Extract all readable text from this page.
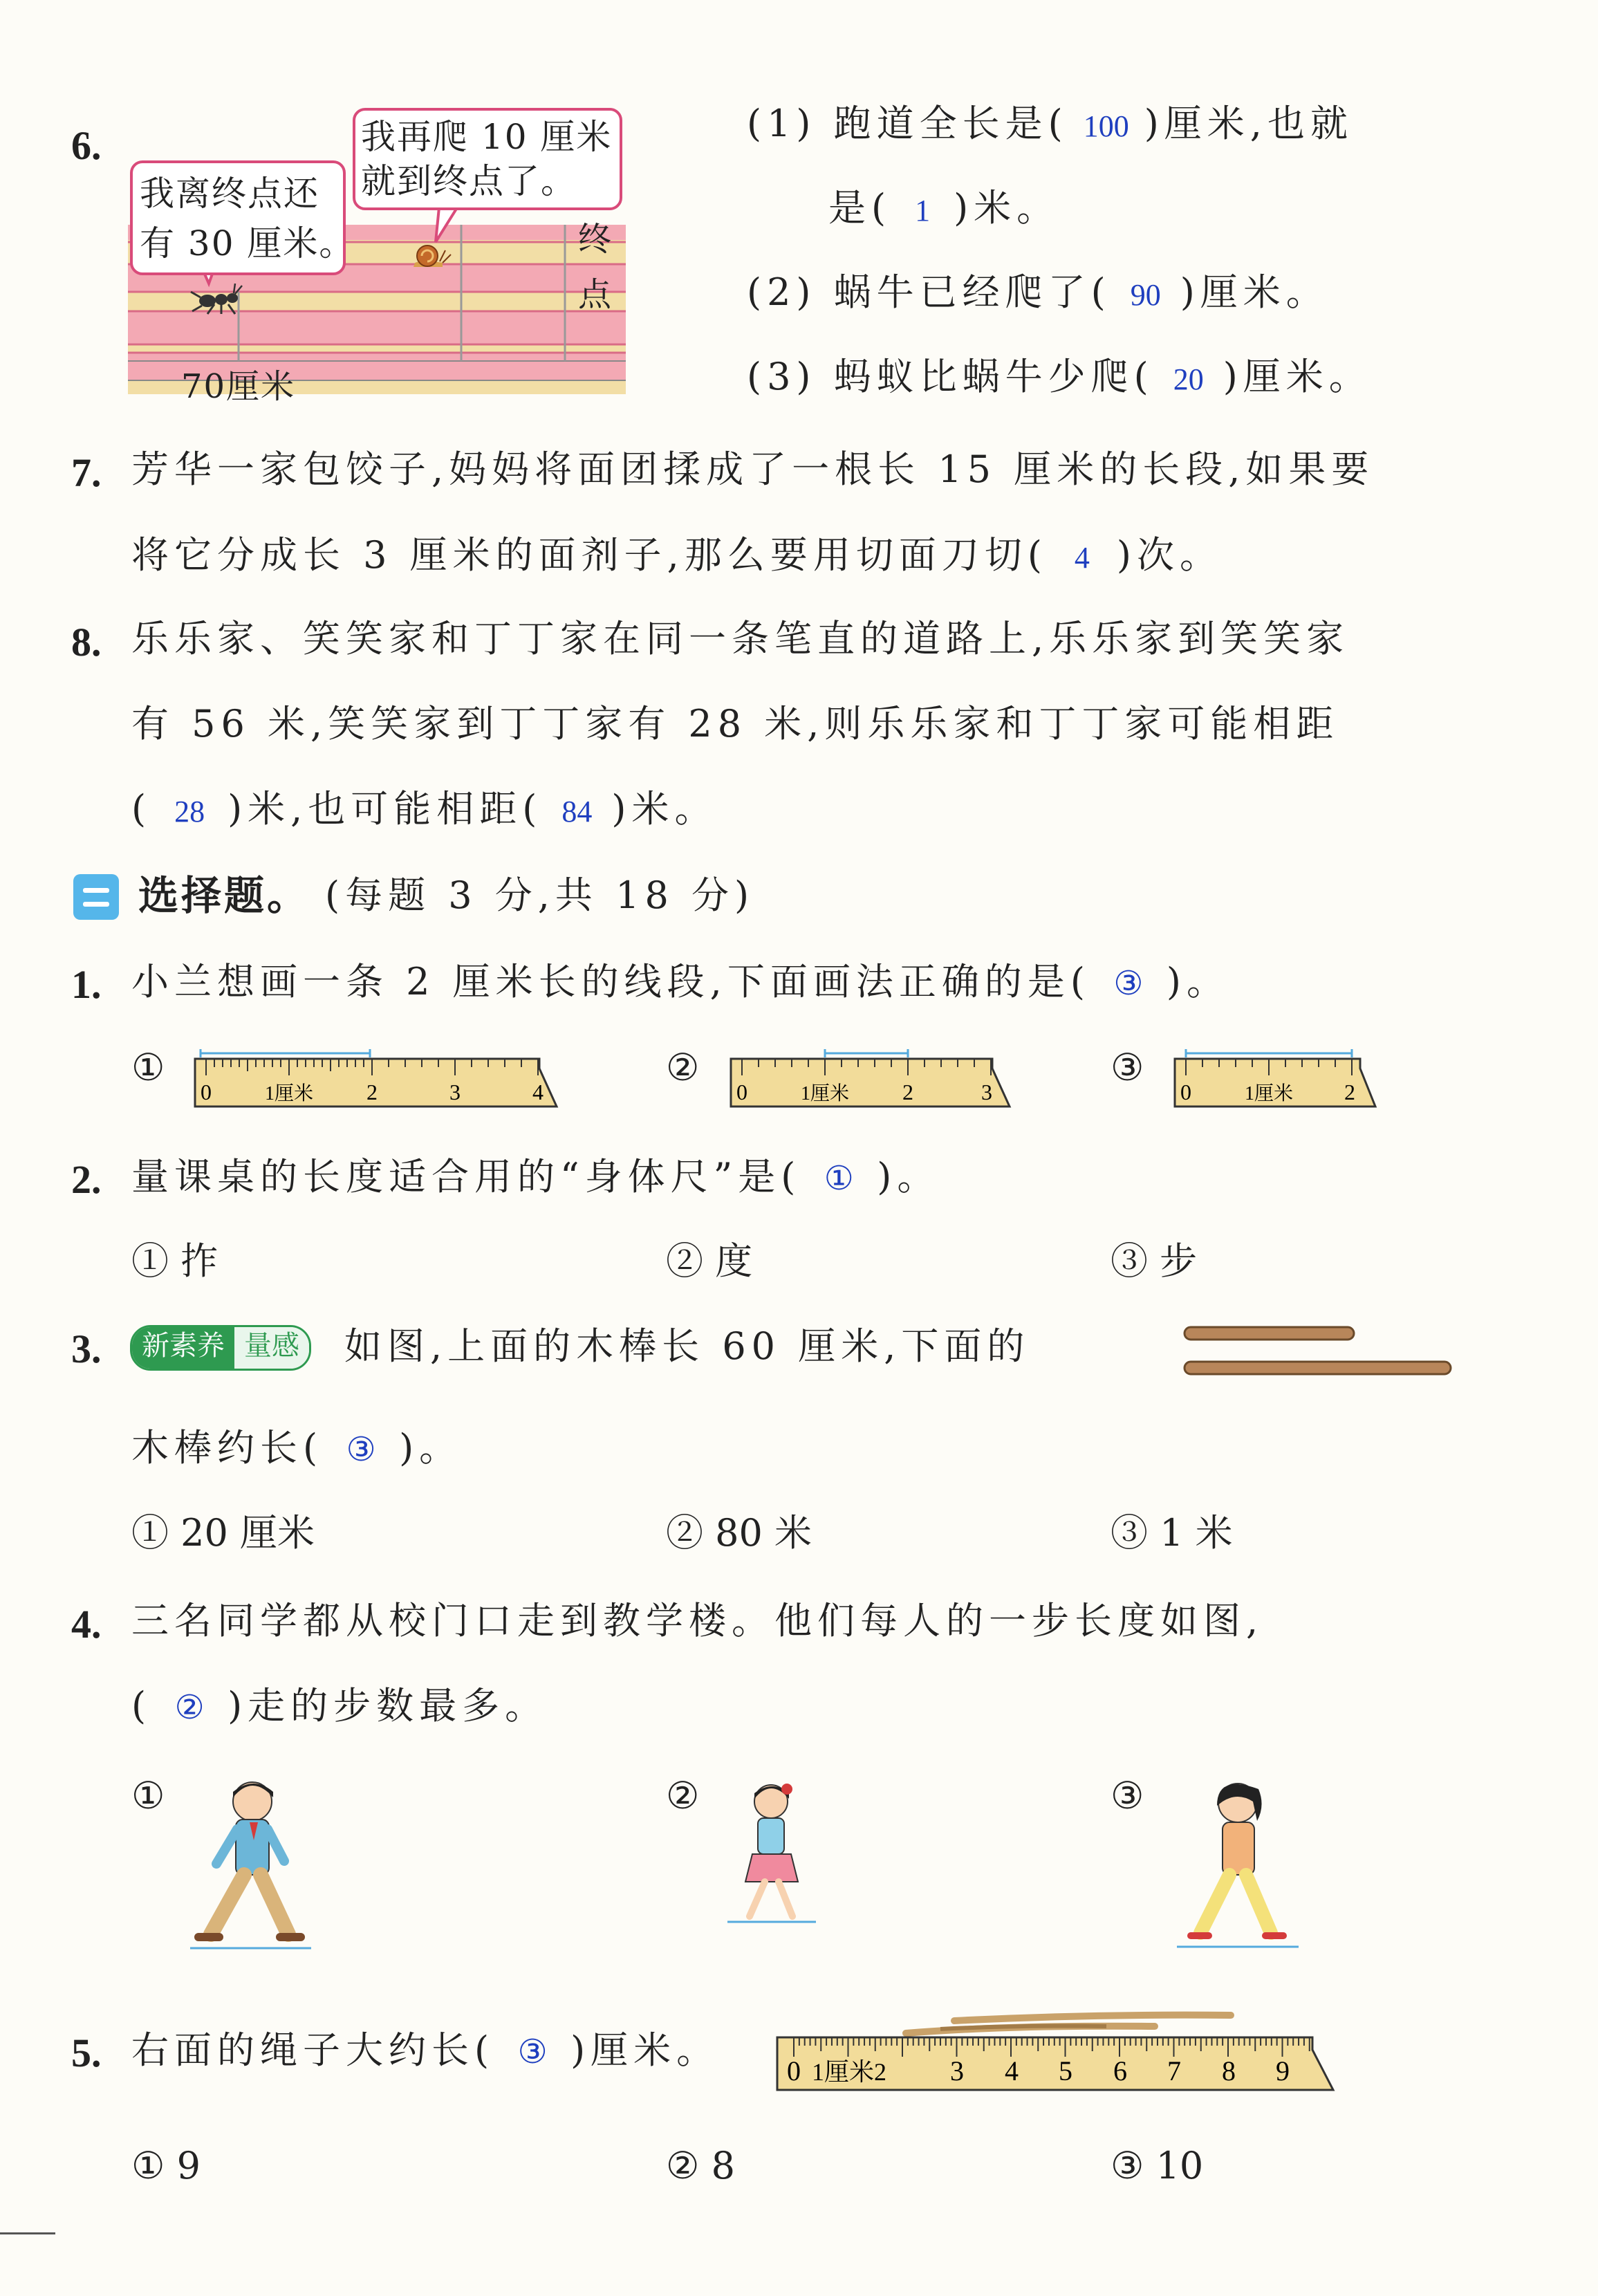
6.
终
点
我再爬 10 厘米
就到终点了。
我离终点还
有 30 厘米。
70厘米
(1) 跑道全长是( 100 )厘米,也就
是( 1 )米。
(2) 蜗牛已经爬了( 90 )厘米。
(3) 蚂蚁比蜗牛少爬( 20 )厘米。
7. 芳华一家包饺子,妈妈将面团揉成了一根长 15 厘米的长段,如果要
将它分成长 3 厘米的面剂子,那么要用切面刀切( 4 )次。
8. 乐乐家、笑笑家和丁丁家在同一条笔直的道路上,乐乐家到笑笑家
有 56 米,笑笑家到丁丁家有 28 米,则乐乐家和丁丁家可能相距
( 28 )米,也可能相距( 84 )米。
选择题。 (每题 3 分,共 18 分)
1. 小兰想画一条 2 厘米长的线段,下面画法正确的是( ③ )。
①	②	③
0	1厘米 2	3	4	0	1厘米 2	3	0	1厘米 2
2. 量课桌的长度适合用的“身体尺”是( ① )。
① 拃	② 度	③ 步
3.	新素养 量感 如图,上面的木棒长 60 厘米,下面的
木棒约长( ③ )。
① 20 厘米	② 80 米	③ 1 米
4. 三名同学都从校门口走到教学楼。他们每人的一步长度如图,
( ② )走的步数最多。
①	②	③
5. 右面的绳子大约长( ③ )厘米。 0 1厘米2 3 4 5 6 7 8 9
① 9	② 8	③ 10
